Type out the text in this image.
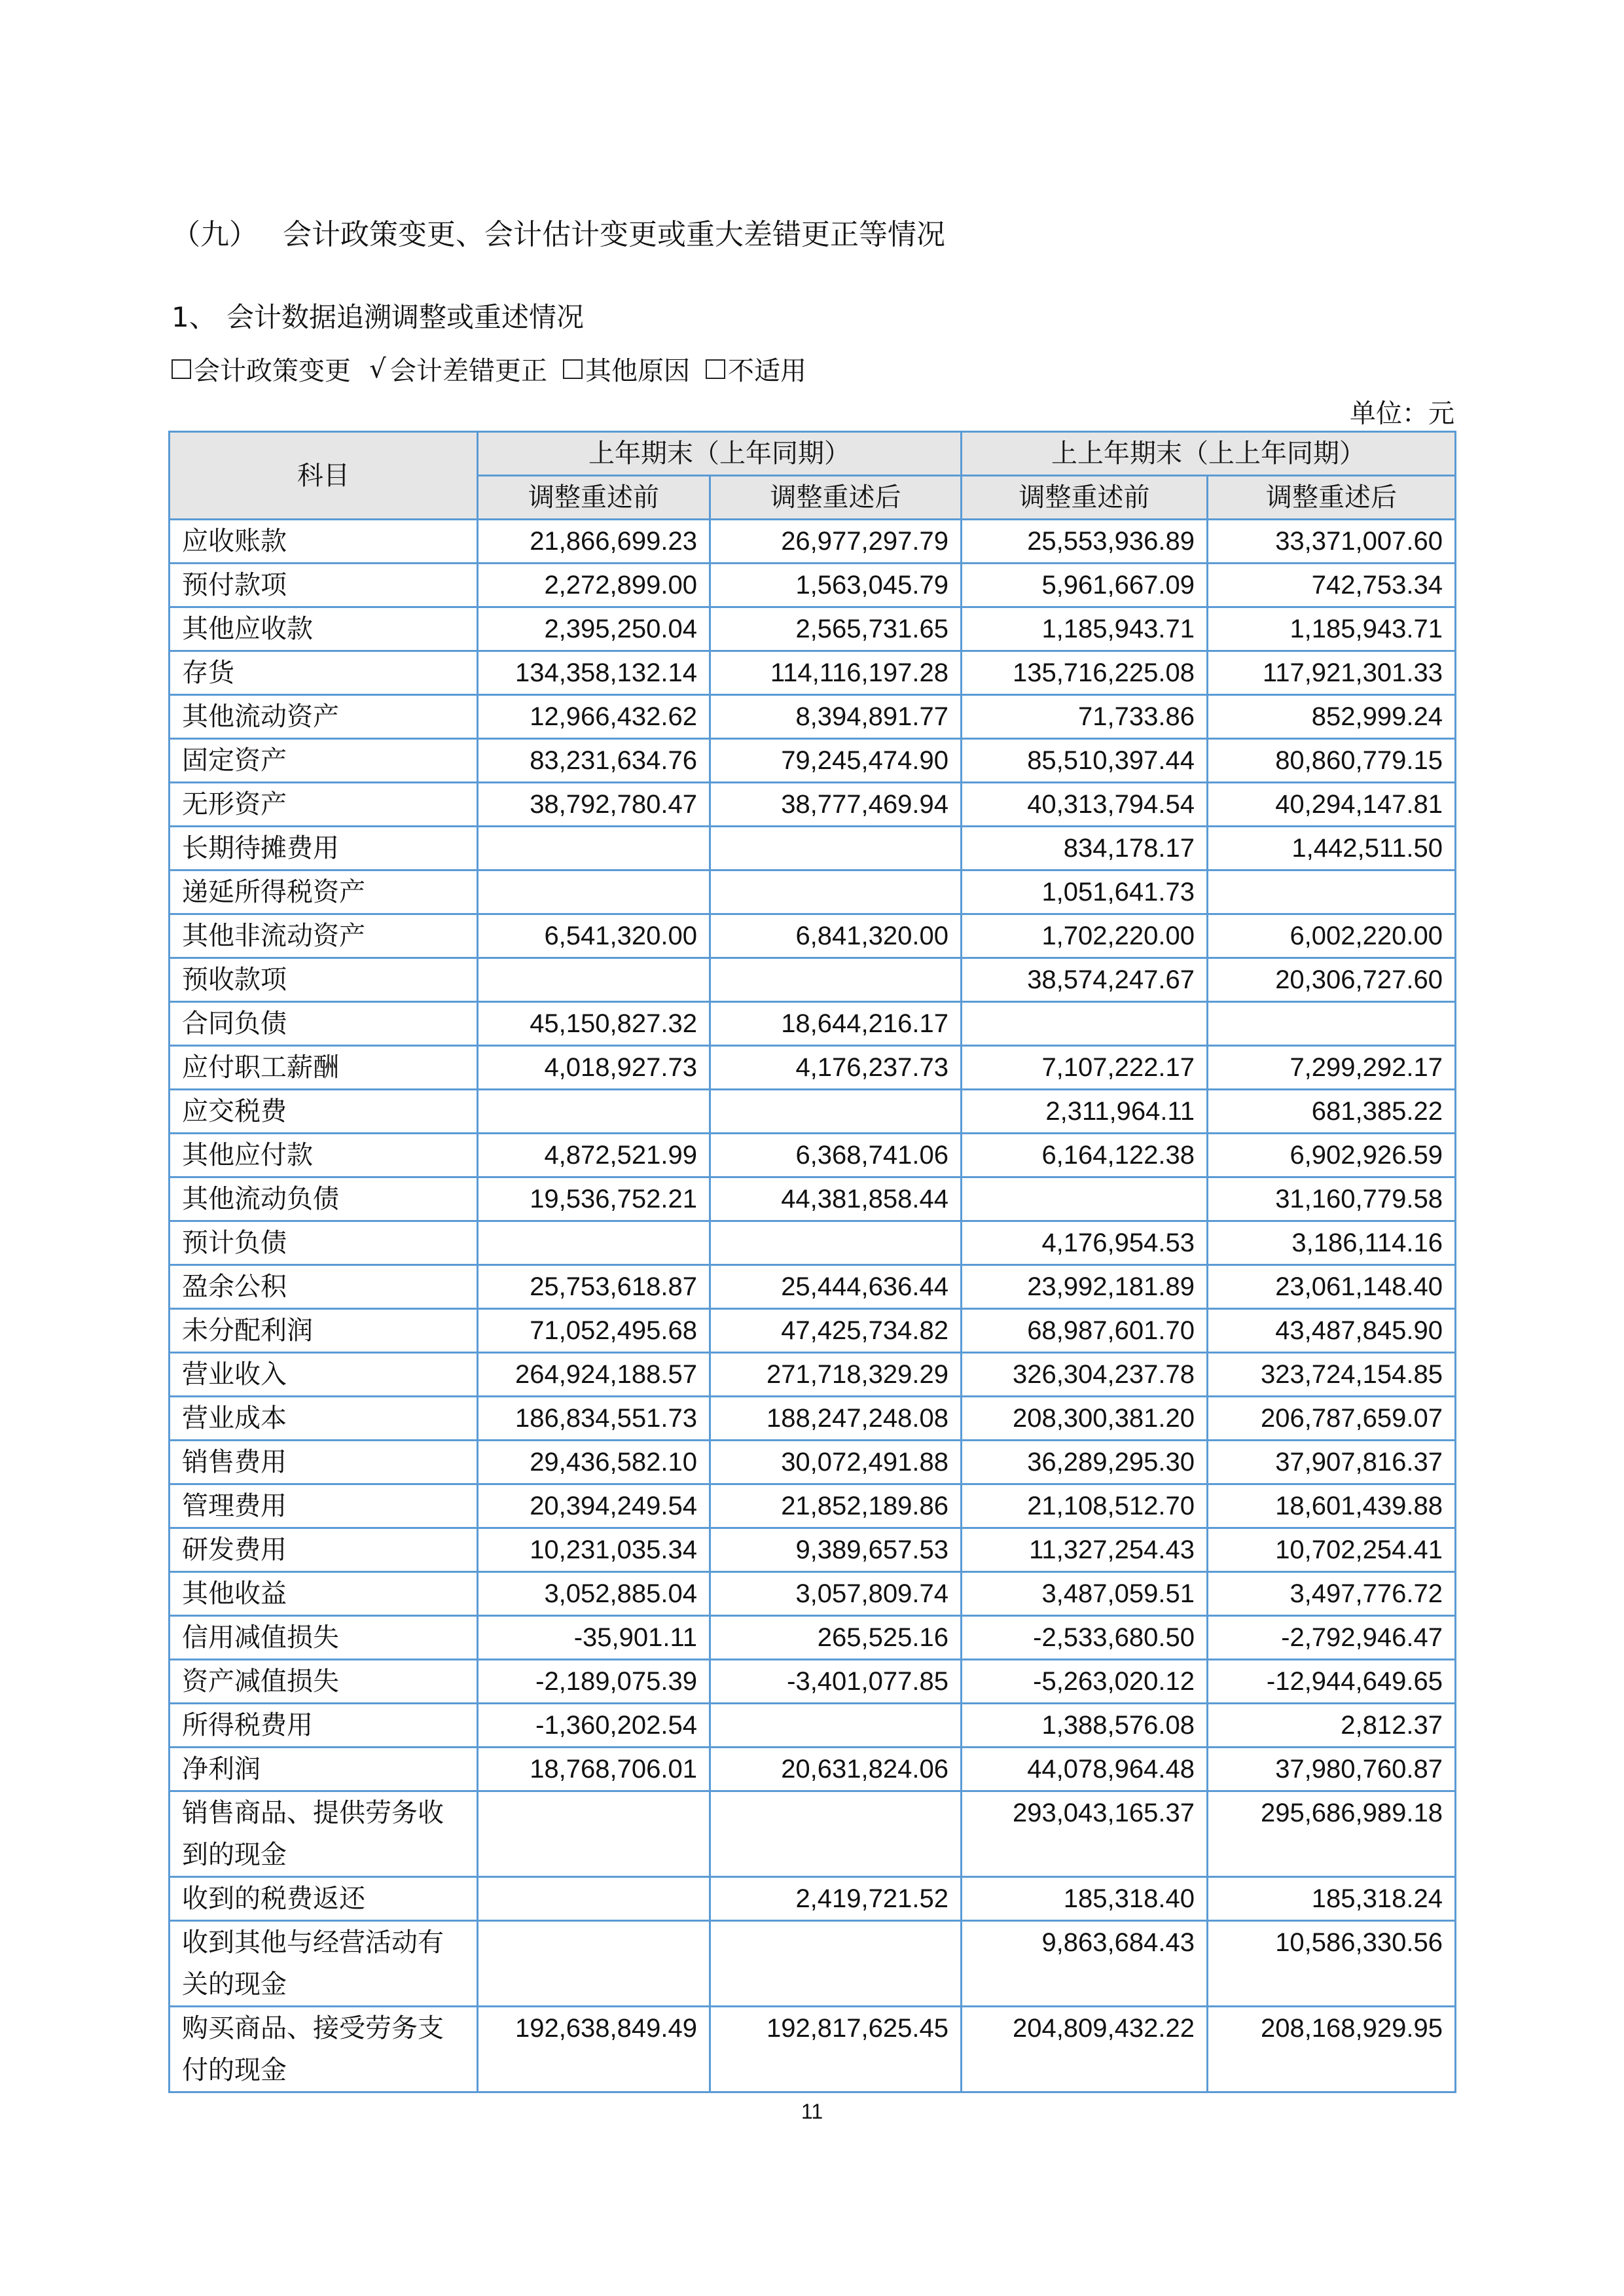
（九） 会计政策变更、会计估计变更或重大差错更正等情况
1、 会计数据追溯调整或重述情况
会计政策变更 √ 会计差错更正 其他原因 不适用
单位：元
科目	上年期末（上年同期）		上上年期末（上上年同期）	
	调整重述前	调整重述后	调整重述前	调整重述后
应收账款	21,866,699.23	26,977,297.79	25,553,936.89	33,371,007.60
预付款项	2,272,899.00	1,563,045.79	5,961,667.09	742,753.34
其他应收款	2,395,250.04	2,565,731.65	1,185,943.71	1,185,943.71
存货	134,358,132.14	114,116,197.28	135,716,225.08	117,921,301.33
其他流动资产	12,966,432.62	8,394,891.77	71,733.86	852,999.24
固定资产	83,231,634.76	79,245,474.90	85,510,397.44	80,860,779.15
无形资产	38,792,780.47	38,777,469.94	40,313,794.54	40,294,147.81
长期待摊费用			834,178.17	1,442,511.50
递延所得税资产			1,051,641.73	
其他非流动资产	6,541,320.00	6,841,320.00	1,702,220.00	6,002,220.00
预收款项			38,574,247.67	20,306,727.60
合同负债	45,150,827.32	18,644,216.17		
应付职工薪酬	4,018,927.73	4,176,237.73	7,107,222.17	7,299,292.17
应交税费			2,311,964.11	681,385.22
其他应付款	4,872,521.99	6,368,741.06	6,164,122.38	6,902,926.59
其他流动负债	19,536,752.21	44,381,858.44		31,160,779.58
预计负债			4,176,954.53	3,186,114.16
盈余公积	25,753,618.87	25,444,636.44	23,992,181.89	23,061,148.40
未分配利润	71,052,495.68	47,425,734.82	68,987,601.70	43,487,845.90
营业收入	264,924,188.57	271,718,329.29	326,304,237.78	323,724,154.85
营业成本	186,834,551.73	188,247,248.08	208,300,381.20	206,787,659.07
销售费用	29,436,582.10	30,072,491.88	36,289,295.30	37,907,816.37
管理费用	20,394,249.54	21,852,189.86	21,108,512.70	18,601,439.88
研发费用	10,231,035.34	9,389,657.53	11,327,254.43	10,702,254.41
其他收益	3,052,885.04	3,057,809.74	3,487,059.51	3,497,776.72
信用减值损失	-35,901.11	265,525.16	-2,533,680.50	-2,792,946.47
资产减值损失	-2,189,075.39	-3,401,077.85	-5,263,020.12	-12,944,649.65
所得税费用	-1,360,202.54		1,388,576.08	2,812.37
净利润	18,768,706.01	20,631,824.06	44,078,964.48	37,980,760.87
销售商品、提供劳务收到的现金			293,043,165.37	295,686,989.18
收到的税费返还		2,419,721.52	185,318.40	185,318.24
收到其他与经营活动有关的现金			9,863,684.43	10,586,330.56
购买商品、接受劳务支付的现金	192,638,849.49	192,817,625.45	204,809,432.22	208,168,929.95
11
